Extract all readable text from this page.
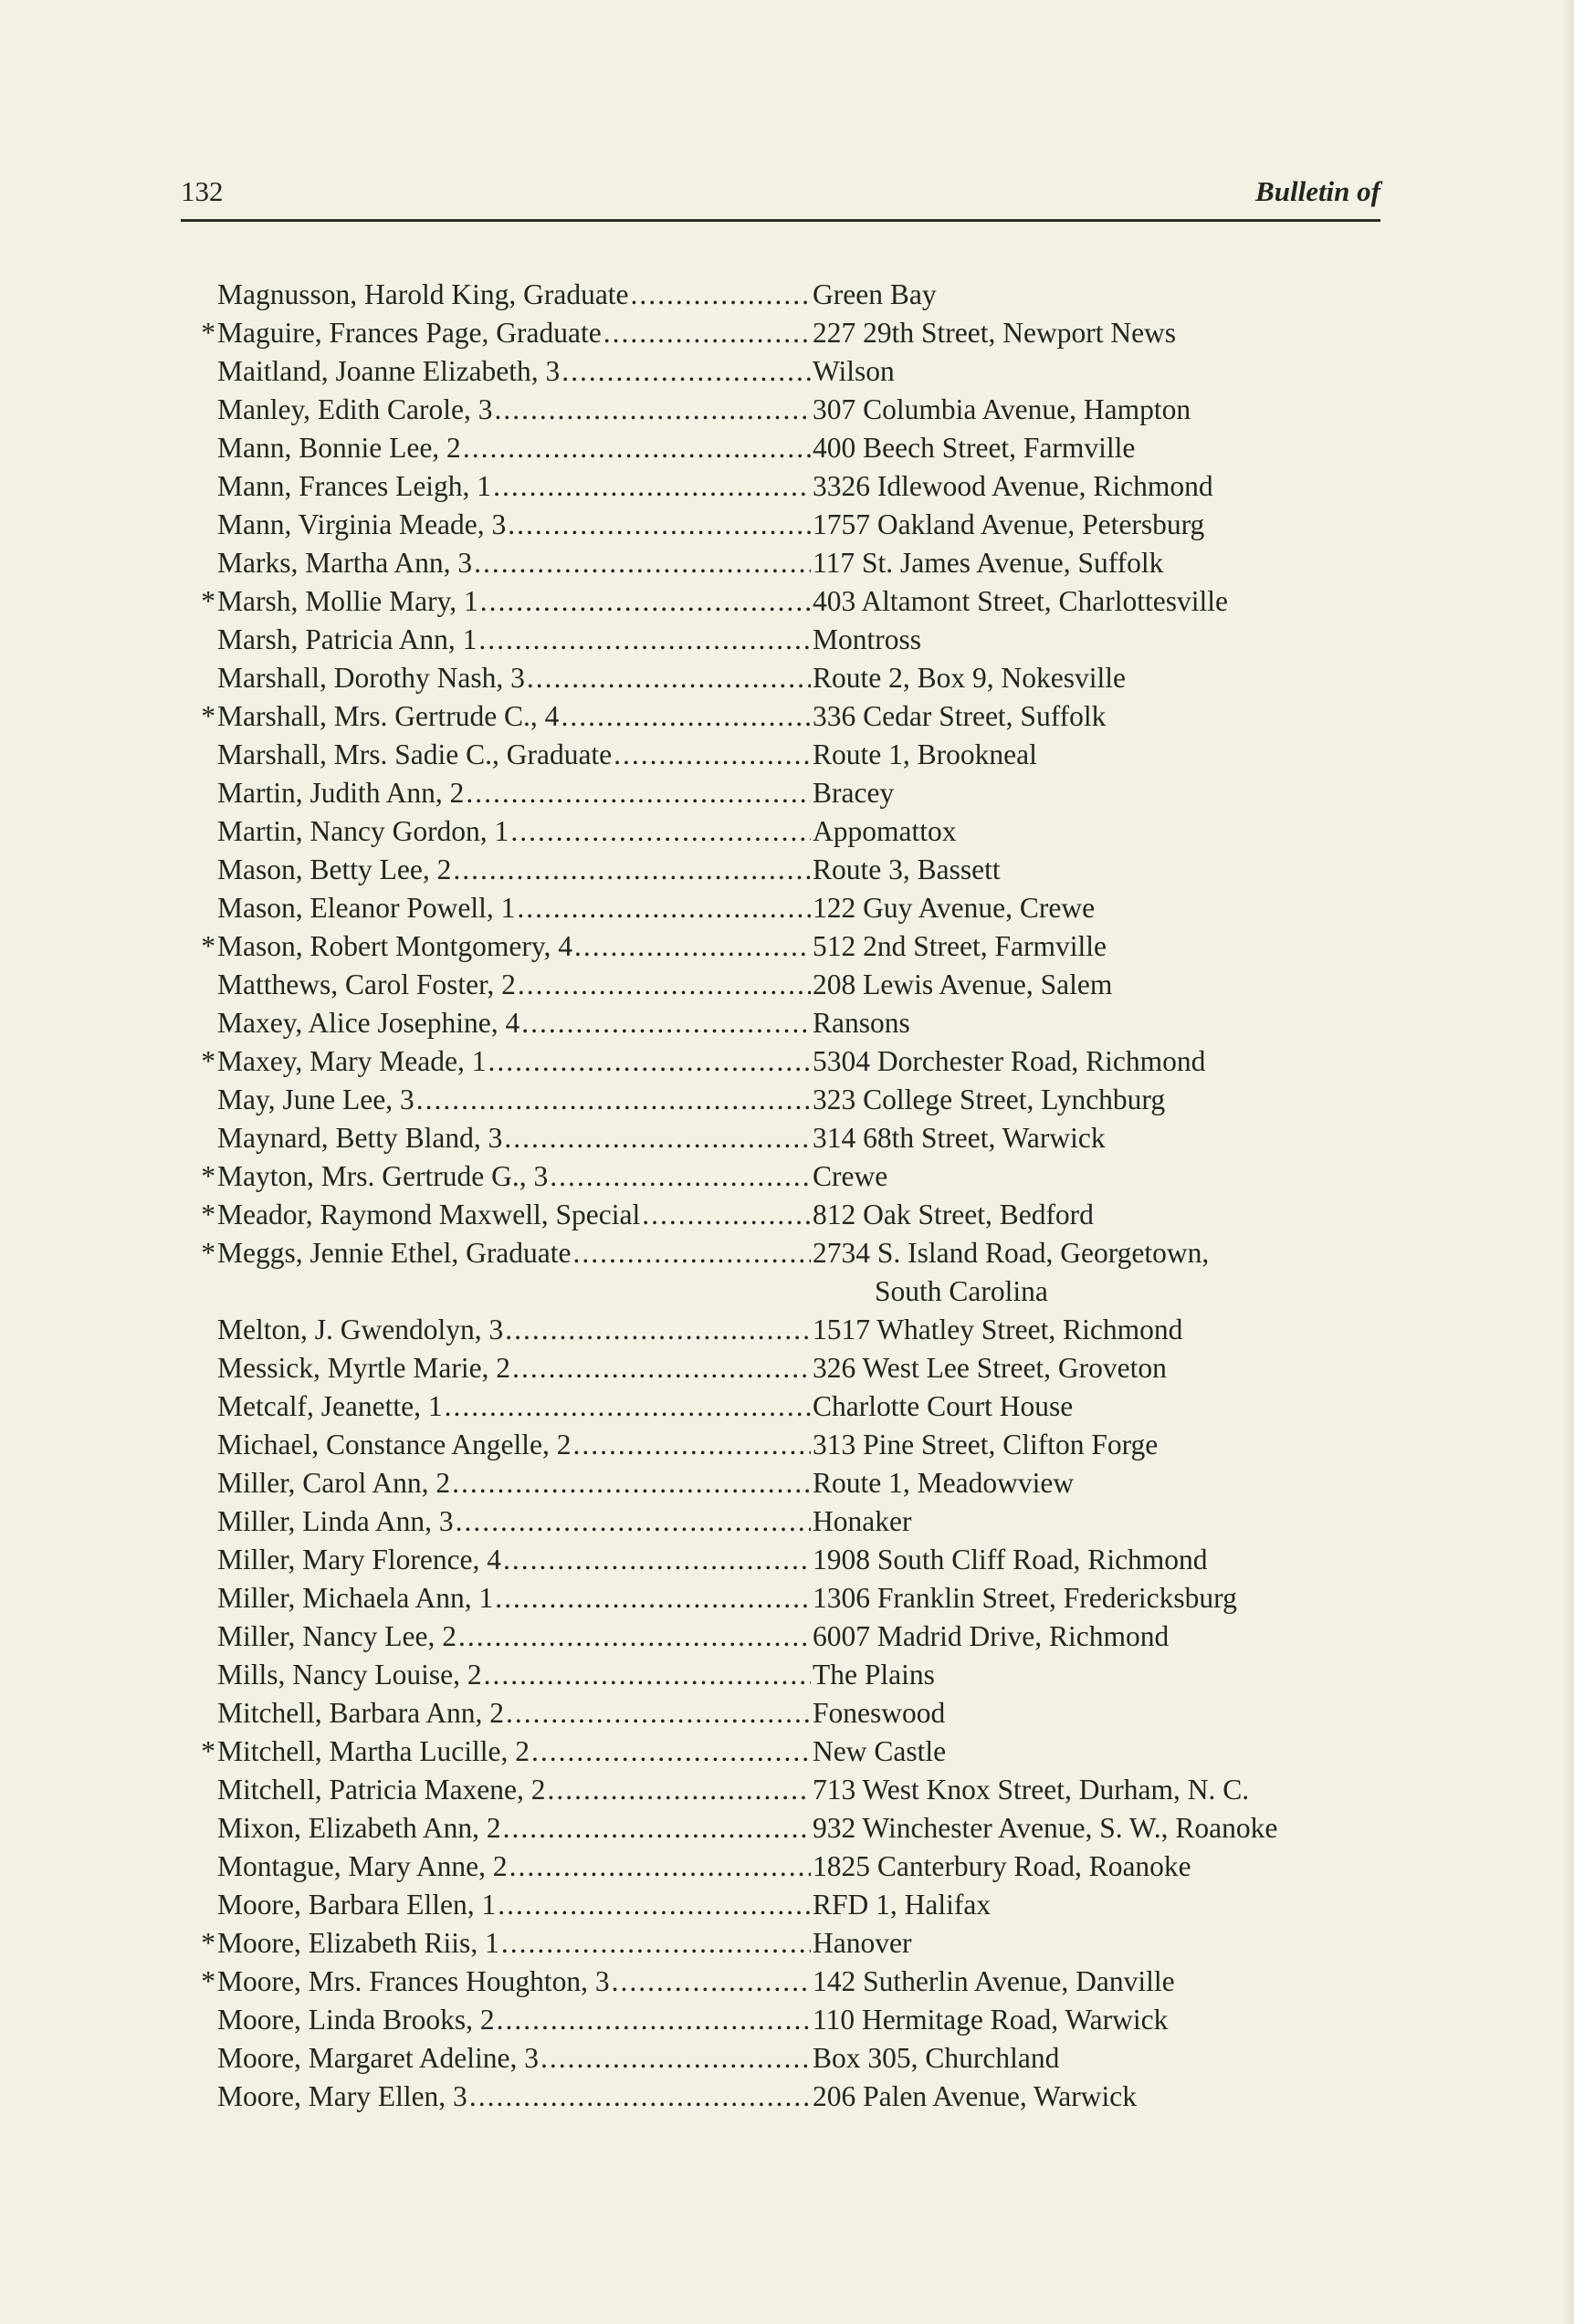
132	Bulletin of
Magnusson, Harold King, Graduate .....	Green Bay
* Maguire, Frances Page, Graduate .....	227 29th Street, Newport News
Maitland, Joanne Elizabeth, 3 .....	Wilson
Manley, Edith Carole, 3 .....	307 Columbia Avenue, Hampton
Mann, Bonnie Lee, 2 .....	400 Beech Street, Farmville
Mann, Frances Leigh, 1 .....	3326 Idlewood Avenue, Richmond
Mann, Virginia Meade, 3 .....	1757 Oakland Avenue, Petersburg
Marks, Martha Ann, 3 .....	117 St. James Avenue, Suffolk
* Marsh, Mollie Mary, 1 .....	403 Altamont Street, Charlottesville
Marsh, Patricia Ann, 1 .....	Montross
Marshall, Dorothy Nash, 3 .....	Route 2, Box 9, Nokesville
* Marshall, Mrs. Gertrude C., 4 .....	336 Cedar Street, Suffolk
Marshall, Mrs. Sadie C., Graduate .....	Route 1, Brookneal
Martin, Judith Ann, 2 .....	Bracey
Martin, Nancy Gordon, 1 .....	Appomattox
Mason, Betty Lee, 2 .....	Route 3, Bassett
Mason, Eleanor Powell, 1 .....	122 Guy Avenue, Crewe
* Mason, Robert Montgomery, 4 .....	512 2nd Street, Farmville
Matthews, Carol Foster, 2 .....	208 Lewis Avenue, Salem
Maxey, Alice Josephine, 4 .....	Ransons
* Maxey, Mary Meade, 1 .....	5304 Dorchester Road, Richmond
May, June Lee, 3 .....	323 College Street, Lynchburg
Maynard, Betty Bland, 3 .....	314 68th Street, Warwick
* Mayton, Mrs. Gertrude G., 3 .....	Crewe
* Meador, Raymond Maxwell, Special .....	812 Oak Street, Bedford
* Meggs, Jennie Ethel, Graduate .....	2734 S. Island Road, Georgetown,
South Carolina
Melton, J. Gwendolyn, 3 .....	1517 Whatley Street, Richmond
Messick, Myrtle Marie, 2 .....	326 West Lee Street, Groveton
Metcalf, Jeanette, 1 .....	Charlotte Court House
Michael, Constance Angelle, 2 .....	313 Pine Street, Clifton Forge
Miller, Carol Ann, 2 .....	Route 1, Meadowview
Miller, Linda Ann, 3 .....	Honaker
Miller, Mary Florence, 4 .....	1908 South Cliff Road, Richmond
Miller, Michaela Ann, 1 .....	1306 Franklin Street, Fredericksburg
Miller, Nancy Lee, 2 .....	6007 Madrid Drive, Richmond
Mills, Nancy Louise, 2 .....	The Plains
Mitchell, Barbara Ann, 2 .....	Foneswood
* Mitchell, Martha Lucille, 2 .....	New Castle
Mitchell, Patricia Maxene, 2 .....	713 West Knox Street, Durham, N. C.
Mixon, Elizabeth Ann, 2 .....	932 Winchester Avenue, S. W., Roanoke
Montague, Mary Anne, 2 .....	1825 Canterbury Road, Roanoke
Moore, Barbara Ellen, 1 .....	RFD 1, Halifax
* Moore, Elizabeth Riis, 1 .....	Hanover
* Moore, Mrs. Frances Houghton, 3 .....	142 Sutherlin Avenue, Danville
Moore, Linda Brooks, 2 .....	110 Hermitage Road, Warwick
Moore, Margaret Adeline, 3 .....	Box 305, Churchland
Moore, Mary Ellen, 3 .....	206 Palen Avenue, Warwick
